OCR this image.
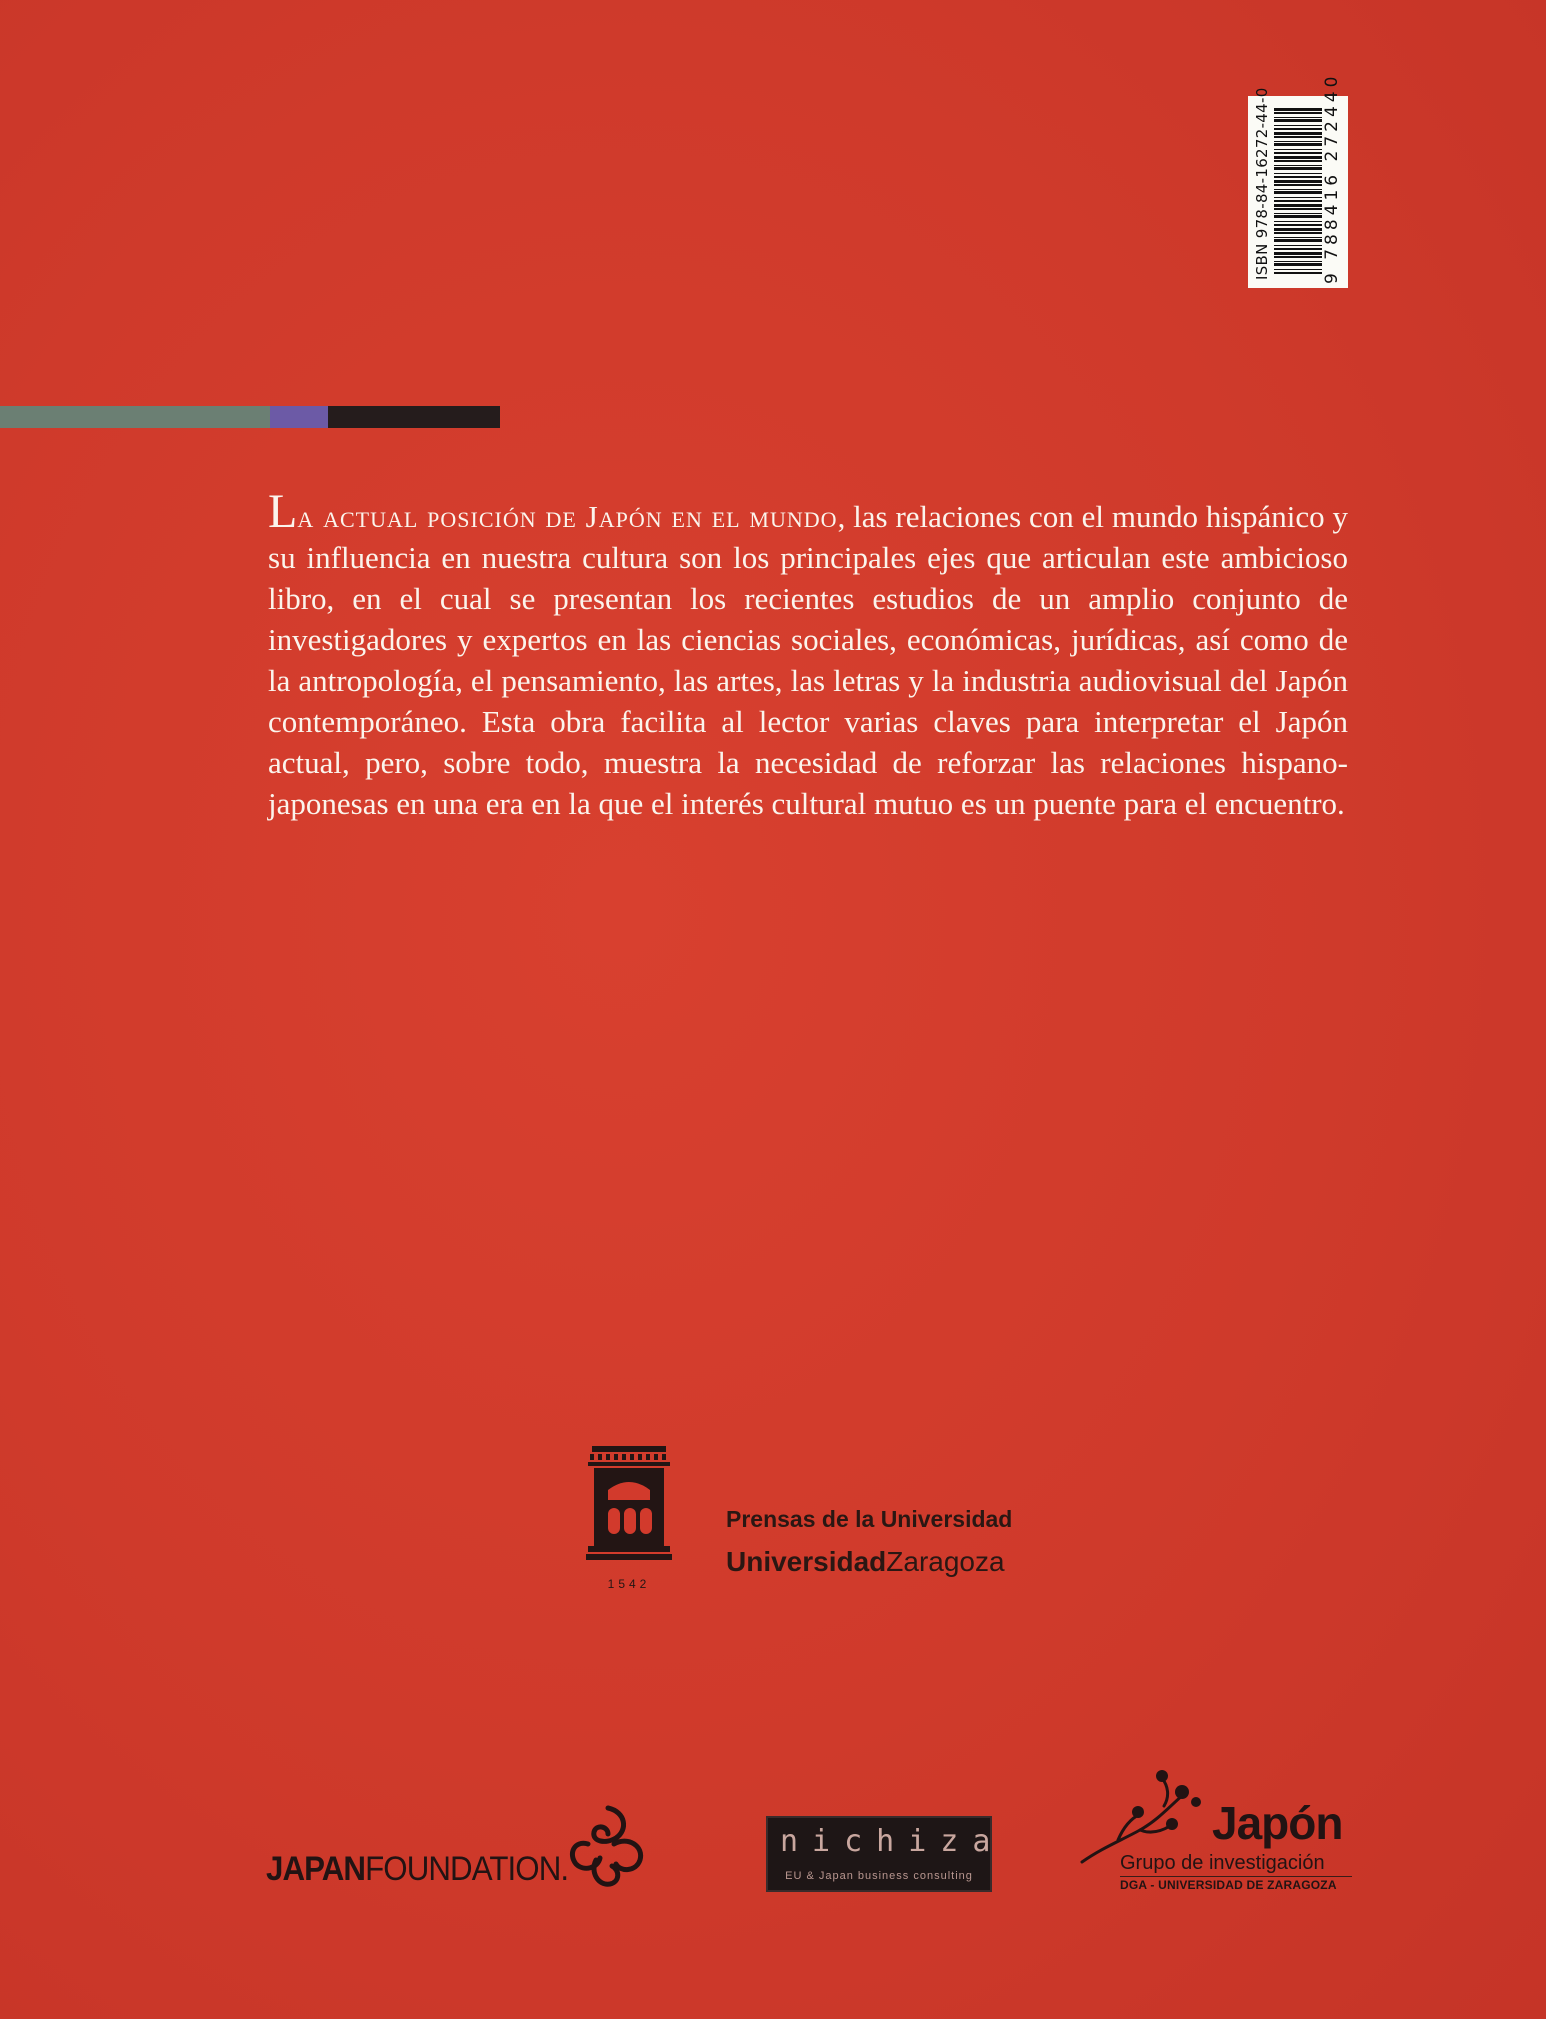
ISBN 978-84-16272-44-0	9 788416 272440

La actual posición de Japón en el mundo, las relaciones con el mundo hispánico y su influencia en nuestra cultura son los principales ejes que articulan este ambicioso libro, en el cual se presentan los recientes estudios de un amplio conjunto de investigadores y expertos en las ciencias sociales, económicas, jurídicas, así como de la antropología, el pensamiento, las artes, las letras y la industria audiovisual del Japón contemporáneo. Esta obra facilita al lector varias claves para interpretar el Japón actual, pero, sobre todo, muestra la necesidad de reforzar las relaciones hispano-japonesas en una era en la que el interés cultural mutuo es un puente para el encuentro.

1542
Prensas de la Universidad
UniversidadZaragoza
JAPANFOUNDATION.
nichiza
EU & Japan business consulting
Japón
Grupo de investigación
DGA - UNIVERSIDAD DE ZARAGOZA
